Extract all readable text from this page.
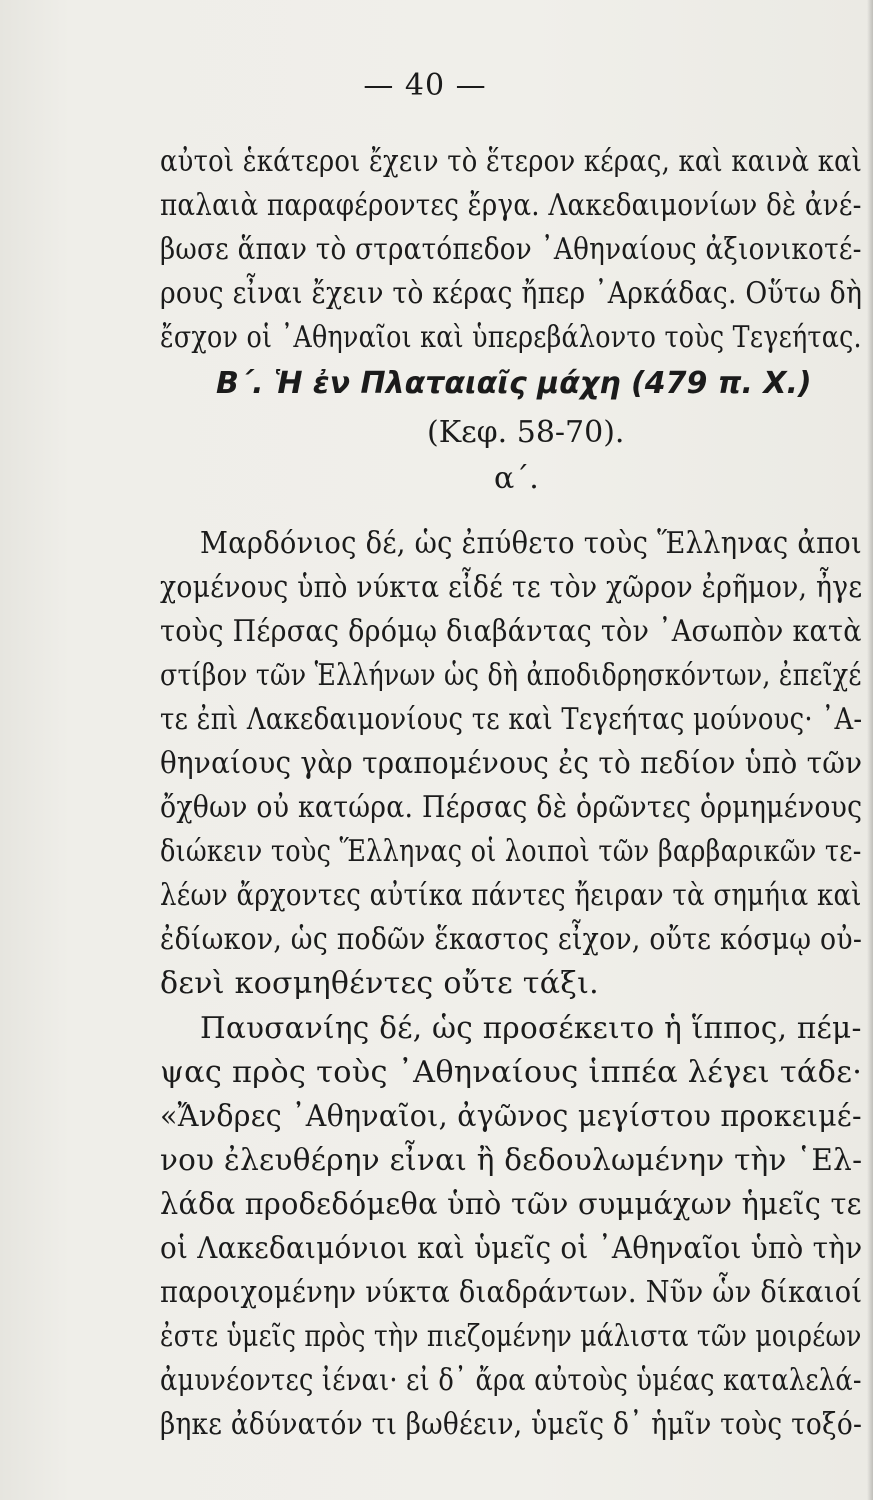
— 40 —
αὐτοὶ ἑκάτεροι ἔχειν τὸ ἕτερον κέρας, καὶ καινὰ καὶ
παλαιὰ παραφέροντες ἔργα. Λακεδαιμονίων δὲ ἀνέ-
βωσε ἅπαν τὸ στρατόπεδον ᾿Αθηναίους ἀξιονικοτέ-
ρους εἶναι ἔχειν τὸ κέρας ἤπερ ᾿Αρκάδας. Οὕτω δὴ
ἔσχον οἱ ᾿Αθηναῖοι καὶ ὑπερεβάλοντο τοὺς Τεγεήτας.
Β΄. Ἡ ἐν Πλαταιαῖς μάχη (479 π. Χ.)
(Κεφ. 58-70).
α΄.
Μαρδόνιος δέ, ὡς ἐπύθετο τοὺς Ἕλληνας ἀποι
χομένους ὑπὸ νύκτα εἶδέ τε τὸν χῶρον ἐρῆμον, ἦγε
τοὺς Πέρσας δρόμῳ διαβάντας τὸν ᾿Ασωπὸν κατὰ
στίβον τῶν Ἑλλήνων ὡς δὴ ἀποδιδρησκόντων, ἐπεῖχέ
τε ἐπὶ Λακεδαιμονίους τε καὶ Τεγεήτας μούνους· ᾿Α-
θηναίους γὰρ τραπομένους ἐς τὸ πεδίον ὑπὸ τῶν
ὄχθων οὐ κατώρα. Πέρσας δὲ ὁρῶντες ὁρμημένους
διώκειν τοὺς Ἕλληνας οἱ λοιποὶ τῶν βαρβαρικῶν τε-
λέων ἄρχοντες αὐτίκα πάντες ἤειραν τὰ σημήια καὶ
ἐδίωκον, ὡς ποδῶν ἕκαστος εἶχον, οὔτε κόσμῳ οὐ-
δενὶ κοσμηθέντες οὔτε τάξι.
Παυσανίης δέ, ὡς προσέκειτο ἡ ἵππος, πέμ-
ψας πρὸς τοὺς ᾿Αθηναίους ἱππέα λέγει τάδε·
«Ἄνδρες ᾿Αθηναῖοι, ἀγῶνος μεγίστου προκειμέ-
νου ἐλευθέρην εἶναι ἢ δεδουλωμένην τὴν ῾Ελ-
λάδα προδεδόμεθα ὑπὸ τῶν συμμάχων ἡμεῖς τε
οἱ Λακεδαιμόνιοι καὶ ὑμεῖς οἱ ᾿Αθηναῖοι ὑπὸ τὴν
παροιχομένην νύκτα διαδράντων. Νῦν ὧν δίκαιοί
ἐστε ὑμεῖς πρὸς τὴν πιεζομένην μάλιστα τῶν μοιρέων
ἀμυνέοντες ἰέναι· εἰ δ᾿ ἄρα αὐτοὺς ὑμέας καταλελά-
βηκε ἀδύνατόν τι βωθέειν, ὑμεῖς δ᾿ ἡμῖν τοὺς τοξό-
